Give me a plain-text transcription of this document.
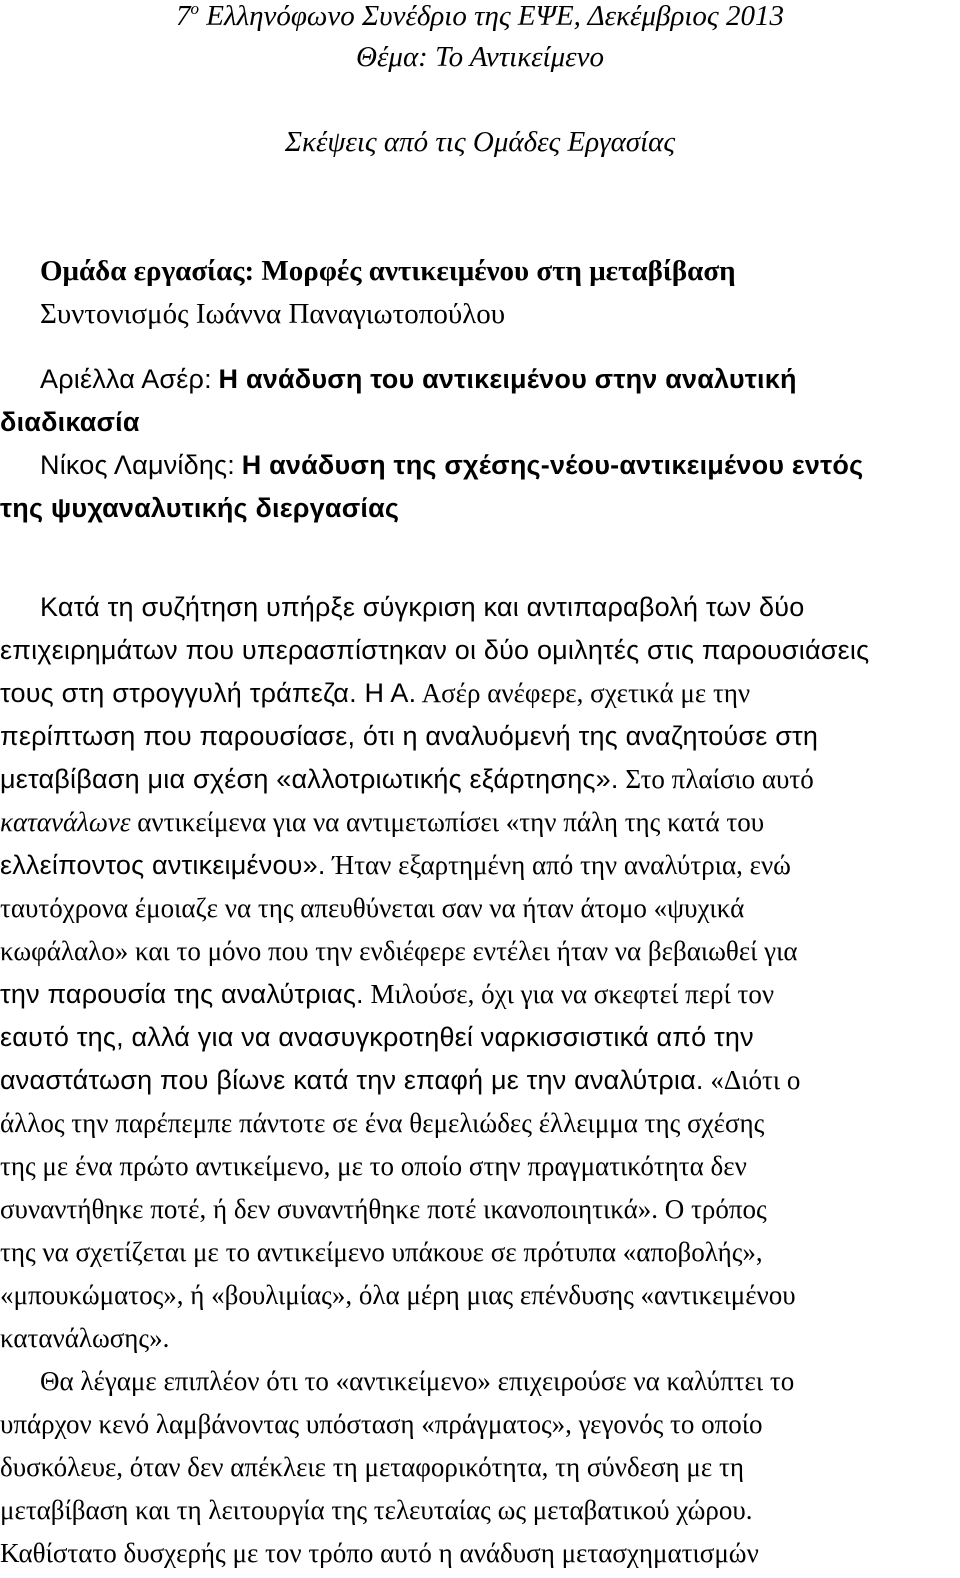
$7^o$ Ελληνόφωνο Συνέδριο της ΕΨΕ, Δεκέμβριος 2013
Θέμα: Το Αντικείμενο
Σκέψεις από τις Ομάδες Εργασίας
Ομάδα εργασίας: Μορφές αντικειμένου στη μεταβίβαση
Συντονισμός Ιωάννα Παναγιωτοπούλου
Αριέλλα Ασέρ: Η ανάδυση του αντικειμένου στην αναλυτική
διαδικασία
Νίκος Λαμνίδης: Η ανάδυση της σχέσης-νέου-αντικειμένου εντός
της ψυχαναλυτικής διεργασίας
Κατά τη συζήτηση υπήρξε σύγκριση και αντιπαραβολή των δύο
επιχειρημάτων που υπερασπίστηκαν οι δύο ομιλητές στις παρουσιάσεις
τους στη στρογγυλή τράπεζα. Η Α. Ασέρ ανέφερε, σχετικά με την
περίπτωση που παρουσίασε, ότι η αναλυόμενή της αναζητούσε στη
μεταβίβαση μια σχέση «αλλοτριωτικής εξάρτησης». Στο πλαίσιο αυτό
κατανάλωνε αντικείμενα για να αντιμετωπίσει «την πάλη της κατά του
ελλείποντος αντικειμένου». Ήταν εξαρτημένη από την αναλύτρια, ενώ
ταυτόχρονα έμοιαζε να της απευθύνεται σαν να ήταν άτομο «ψυχικά
κωφάλαλο» και το μόνο που την ενδιέφερε εντέλει ήταν να βεβαιωθεί για
την παρουσία της αναλύτριας. Μιλούσε, όχι για να σκεφτεί περί τον
εαυτό της, αλλά για να ανασυγκροτηθεί ναρκισσιστικά από την
αναστάτωση που βίωνε κατά την επαφή με την αναλύτρια. «Διότι ο
άλλος την παρέπεμπε πάντοτε σε ένα θεμελιώδες έλλειμμα της σχέσης
της με ένα πρώτο αντικείμενο, με το οποίο στην πραγματικότητα δεν
συναντήθηκε ποτέ, ή δεν συναντήθηκε ποτέ ικανοποιητικά». Ο τρόπος
της να σχετίζεται με το αντικείμενο υπάκουε σε πρότυπα «αποβολής»,
«μπουκώματος», ή «βουλιμίας», όλα μέρη μιας επένδυσης «αντικειμένου
κατανάλωσης».
Θα λέγαμε επιπλέον ότι το «αντικείμενο» επιχειρούσε να καλύπτει το
υπάρχον κενό λαμβάνοντας υπόσταση «πράγματος», γεγονός το οποίο
δυσκόλευε, όταν δεν απέκλειε τη μεταφορικότητα, τη σύνδεση με τη
μεταβίβαση και τη λειτουργία της τελευταίας ως μεταβατικού χώρου.
Καθίστατο δυσχερής με τον τρόπο αυτό η ανάδυση μετασχηματισμών
